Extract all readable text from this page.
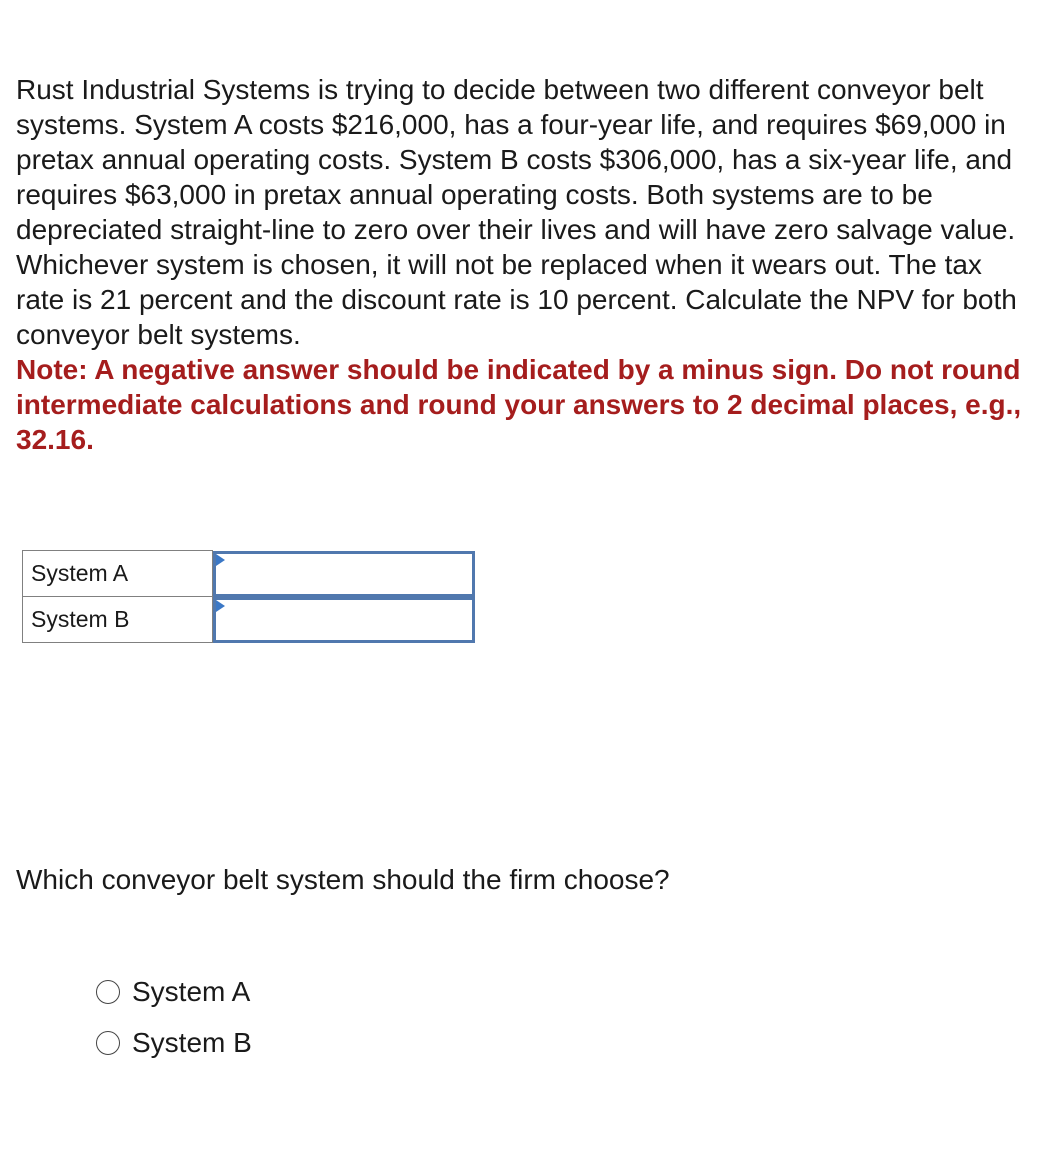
Rust Industrial Systems is trying to decide between two different conveyor belt systems. System A costs $216,000, has a four-year life, and requires $69,000 in pretax annual operating costs. System B costs $306,000, has a six-year life, and requires $63,000 in pretax annual operating costs. Both systems are to be depreciated straight-line to zero over their lives and will have zero salvage value. Whichever system is chosen, it will not be replaced when it wears out. The tax rate is 21 percent and the discount rate is 10 percent. Calculate the NPV for both conveyor belt systems.

Note: A negative answer should be indicated by a minus sign. Do not round intermediate calculations and round your answers to 2 decimal places, e.g., 32.16.

System A	

System B	

Which conveyor belt system should the firm choose?

System A
System B
